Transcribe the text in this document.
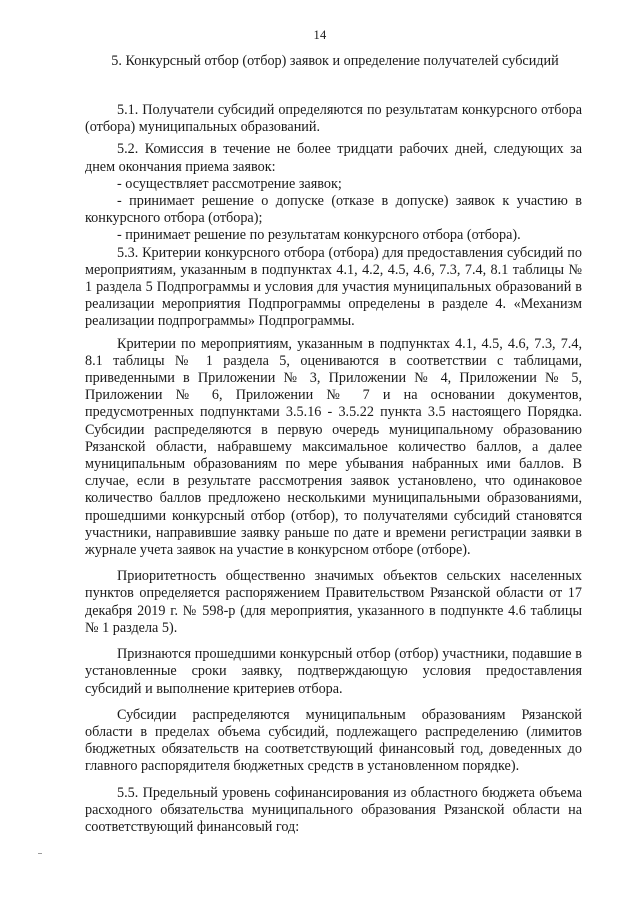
14
5. Конкурсный отбор (отбор) заявок и определение получателей субсидий

5.1. Получатели субсидий определяются по результатам конкурсного отбора (отбора) муниципальных образований.

5.2. Комиссия в течение не более тридцати рабочих дней, следующих за днем окончания приема заявок:

- осуществляет рассмотрение заявок;

- принимает решение о допуске (отказе в допуске) заявок к участию в конкурсного отбора (отбора);

- принимает решение по результатам конкурсного отбора (отбора).

5.3. Критерии конкурсного отбора (отбора) для предоставления субсидий по мероприятиям, указанным в подпунктах 4.1, 4.2, 4.5, 4.6, 7.3, 7.4, 8.1 таблицы № 1 раздела 5 Подпрограммы и условия для участия муниципальных образований в реализации мероприятия Подпрограммы определены в разделе 4. «Механизм реализации подпрограммы» Подпрограммы.

Критерии по мероприятиям, указанным в подпунктах 4.1, 4.5, 4.6, 7.3, 7.4, 8.1 таблицы № 1 раздела 5, оцениваются в соответствии с таблицами, приведенными в Приложении № 3, Приложении № 4, Приложении № 5, Приложении № 6, Приложении № 7 и на основании документов, предусмотренных подпунктами 3.5.16 - 3.5.22 пункта 3.5 настоящего Порядка. Субсидии распределяются в первую очередь муниципальному образованию Рязанской области, набравшему максимальное количество баллов, а далее муниципальным образованиям по мере убывания набранных ими баллов. В случае, если в результате рассмотрения заявок установлено, что одинаковое количество баллов предложено несколькими муниципальными образованиями, прошедшими конкурсный отбор (отбор), то получателями субсидий становятся участники, направившие заявку раньше по дате и времени регистрации заявки в журнале учета заявок на участие в конкурсном отборе (отборе).

Приоритетность общественно значимых объектов сельских населенных пунктов определяется распоряжением Правительством Рязанской области от 17 декабря 2019 г. № 598-р (для мероприятия, указанного в подпункте 4.6 таблицы № 1 раздела 5).

Признаются прошедшими конкурсный отбор (отбор) участники, подавшие в установленные сроки заявку, подтверждающую условия предоставления субсидий и выполнение критериев отбора.

Субсидии распределяются муниципальным образованиям Рязанской области в пределах объема субсидий, подлежащего распределению (лимитов бюджетных обязательств на соответствующий финансовый год, доведенных до главного распорядителя бюджетных средств в установленном порядке).

5.5. Предельный уровень софинансирования из областного бюджета объема расходного обязательства муниципального образования Рязанской области на соответствующий финансовый год:
